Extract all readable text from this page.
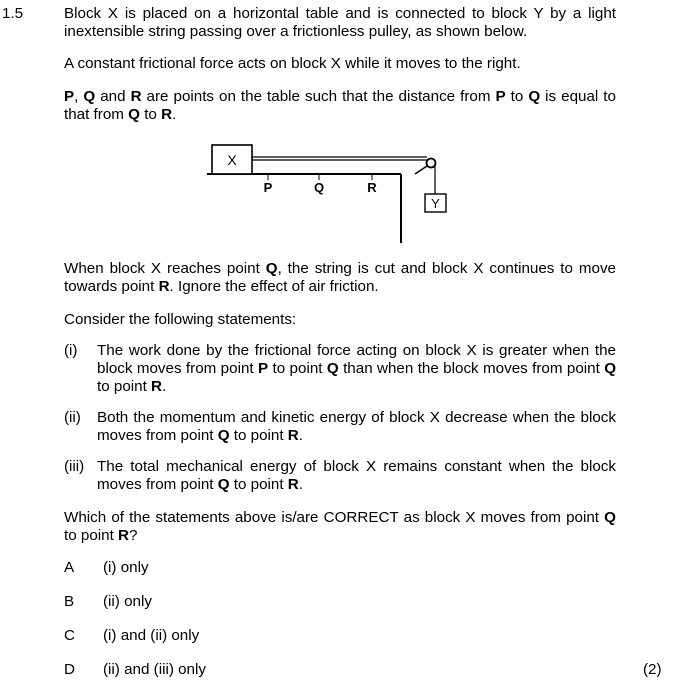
1.5	Block X is placed on a horizontal table and is connected to block Y by a light inextensible string passing over a frictionless pulley, as shown below.
A constant frictional force acts on block X while it moves to the right.
P, Q and R are points on the table such that the distance from P to Q is equal to that from Q to R.
X
Y
P	Q	R
When block X reaches point Q, the string is cut and block X continues to move towards point R. Ignore the effect of air friction.
Consider the following statements:
(i) The work done by the frictional force acting on block X is greater when the block moves from point P to point Q than when the block moves from point Q to point R.
(ii) Both the momentum and kinetic energy of block X decrease when the block moves from point Q to point R.
(iii) The total mechanical energy of block X remains constant when the block moves from point Q to point R.
Which of the statements above is/are CORRECT as block X moves from point Q to point R?
A (i) only
B (ii) only
C (i) and (ii) only
D (ii) and (iii) only	(2)
